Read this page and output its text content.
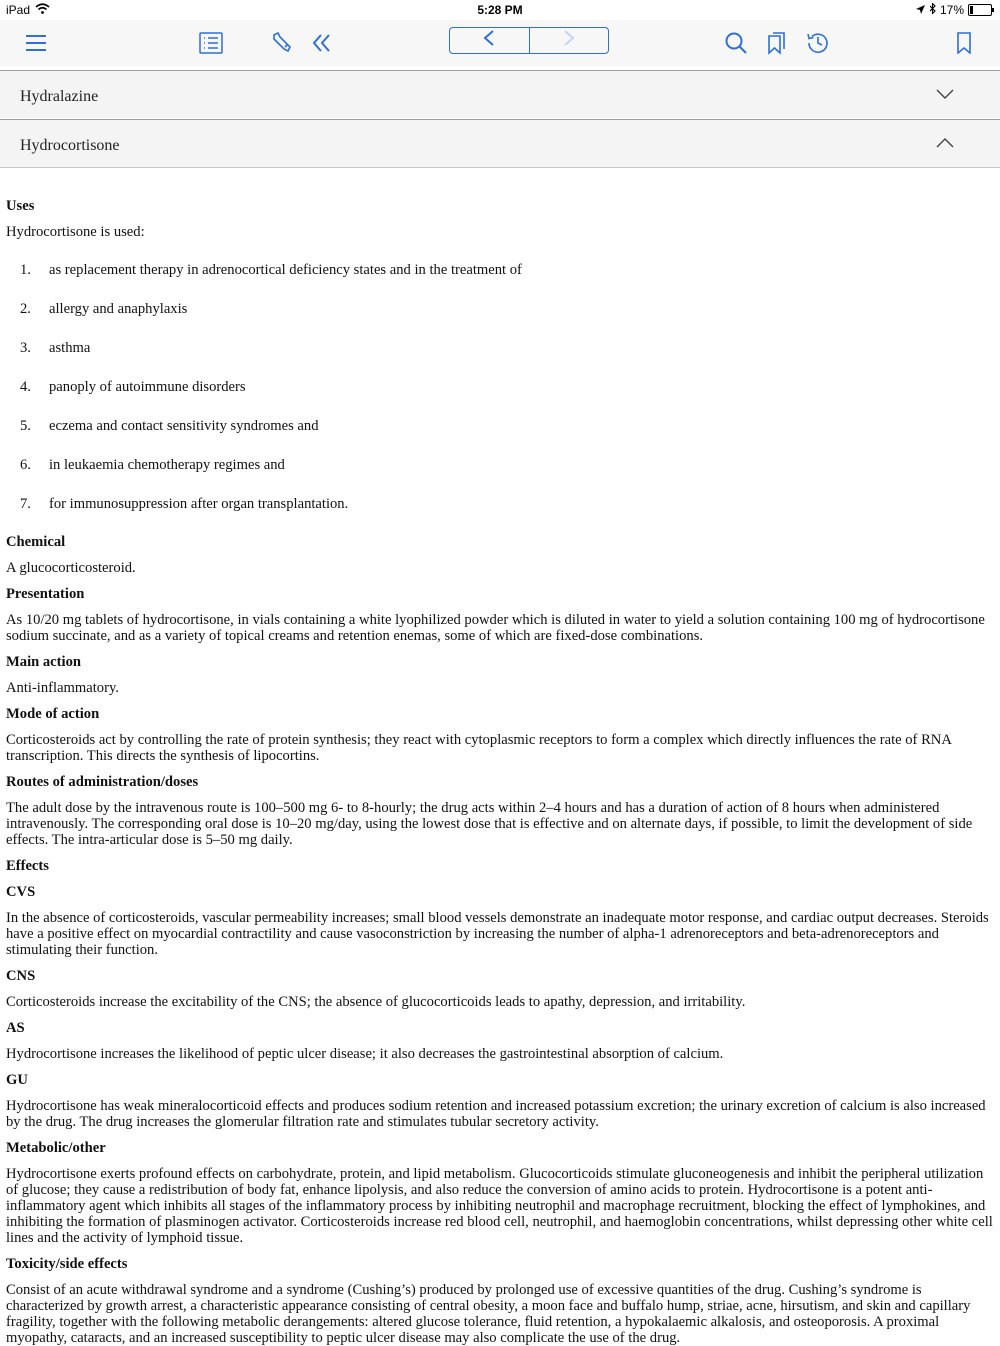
iPad	5:28 PM	17%
Hydralazine
Hydrocortisone

Uses

Hydrocortisone is used:

1. as replacement therapy in adrenocortical deficiency states and in the treatment of
2. allergy and anaphylaxis
3. asthma
4. panoply of autoimmune disorders
5. eczema and contact sensitivity syndromes and
6. in leukaemia chemotherapy regimes and
7. for immunosuppression after organ transplantation.

Chemical

A glucocorticosteroid.

Presentation

As 10/20 mg tablets of hydrocortisone, in vials containing a white lyophilized powder which is diluted in water to yield a solution containing 100 mg of hydrocortisone sodium succinate, and as a variety of topical creams and retention enemas, some of which are fixed-dose combinations.

Main action

Anti-inflammatory.

Mode of action

Corticosteroids act by controlling the rate of protein synthesis; they react with cytoplasmic receptors to form a complex which directly influences the rate of RNA transcription. This directs the synthesis of lipocortins.

Routes of administration/doses

The adult dose by the intravenous route is 100–500 mg 6- to 8-hourly; the drug acts within 2–4 hours and has a duration of action of 8 hours when administered intravenously. The corresponding oral dose is 10–20 mg/day, using the lowest dose that is effective and on alternate days, if possible, to limit the development of side effects. The intra-articular dose is 5–50 mg daily.

Effects

CVS

In the absence of corticosteroids, vascular permeability increases; small blood vessels demonstrate an inadequate motor response, and cardiac output decreases. Steroids have a positive effect on myocardial contractility and cause vasoconstriction by increasing the number of alpha-1 adrenoreceptors and beta-adrenoreceptors and stimulating their function.

CNS

Corticosteroids increase the excitability of the CNS; the absence of glucocorticoids leads to apathy, depression, and irritability.

AS

Hydrocortisone increases the likelihood of peptic ulcer disease; it also decreases the gastrointestinal absorption of calcium.

GU

Hydrocortisone has weak mineralocorticoid effects and produces sodium retention and increased potassium excretion; the urinary excretion of calcium is also increased by the drug. The drug increases the glomerular filtration rate and stimulates tubular secretory activity.

Metabolic/other

Hydrocortisone exerts profound effects on carbohydrate, protein, and lipid metabolism. Glucocorticoids stimulate gluconeogenesis and inhibit the peripheral utilization of glucose; they cause a redistribution of body fat, enhance lipolysis, and also reduce the conversion of amino acids to protein. Hydrocortisone is a potent anti-inflammatory agent which inhibits all stages of the inflammatory process by inhibiting neutrophil and macrophage recruitment, blocking the effect of lymphokines, and inhibiting the formation of plasminogen activator. Corticosteroids increase red blood cell, neutrophil, and haemoglobin concentrations, whilst depressing other white cell lines and the activity of lymphoid tissue.

Toxicity/side effects

Consist of an acute withdrawal syndrome and a syndrome (Cushing’s) produced by prolonged use of excessive quantities of the drug. Cushing’s syndrome is characterized by growth arrest, a characteristic appearance consisting of central obesity, a moon face and buffalo hump, striae, acne, hirsutism, and skin and capillary fragility, together with the following metabolic derangements: altered glucose tolerance, fluid retention, a hypokalaemic alkalosis, and osteoporosis. A proximal myopathy, cataracts, and an increased susceptibility to peptic ulcer disease may also complicate the use of the drug.
